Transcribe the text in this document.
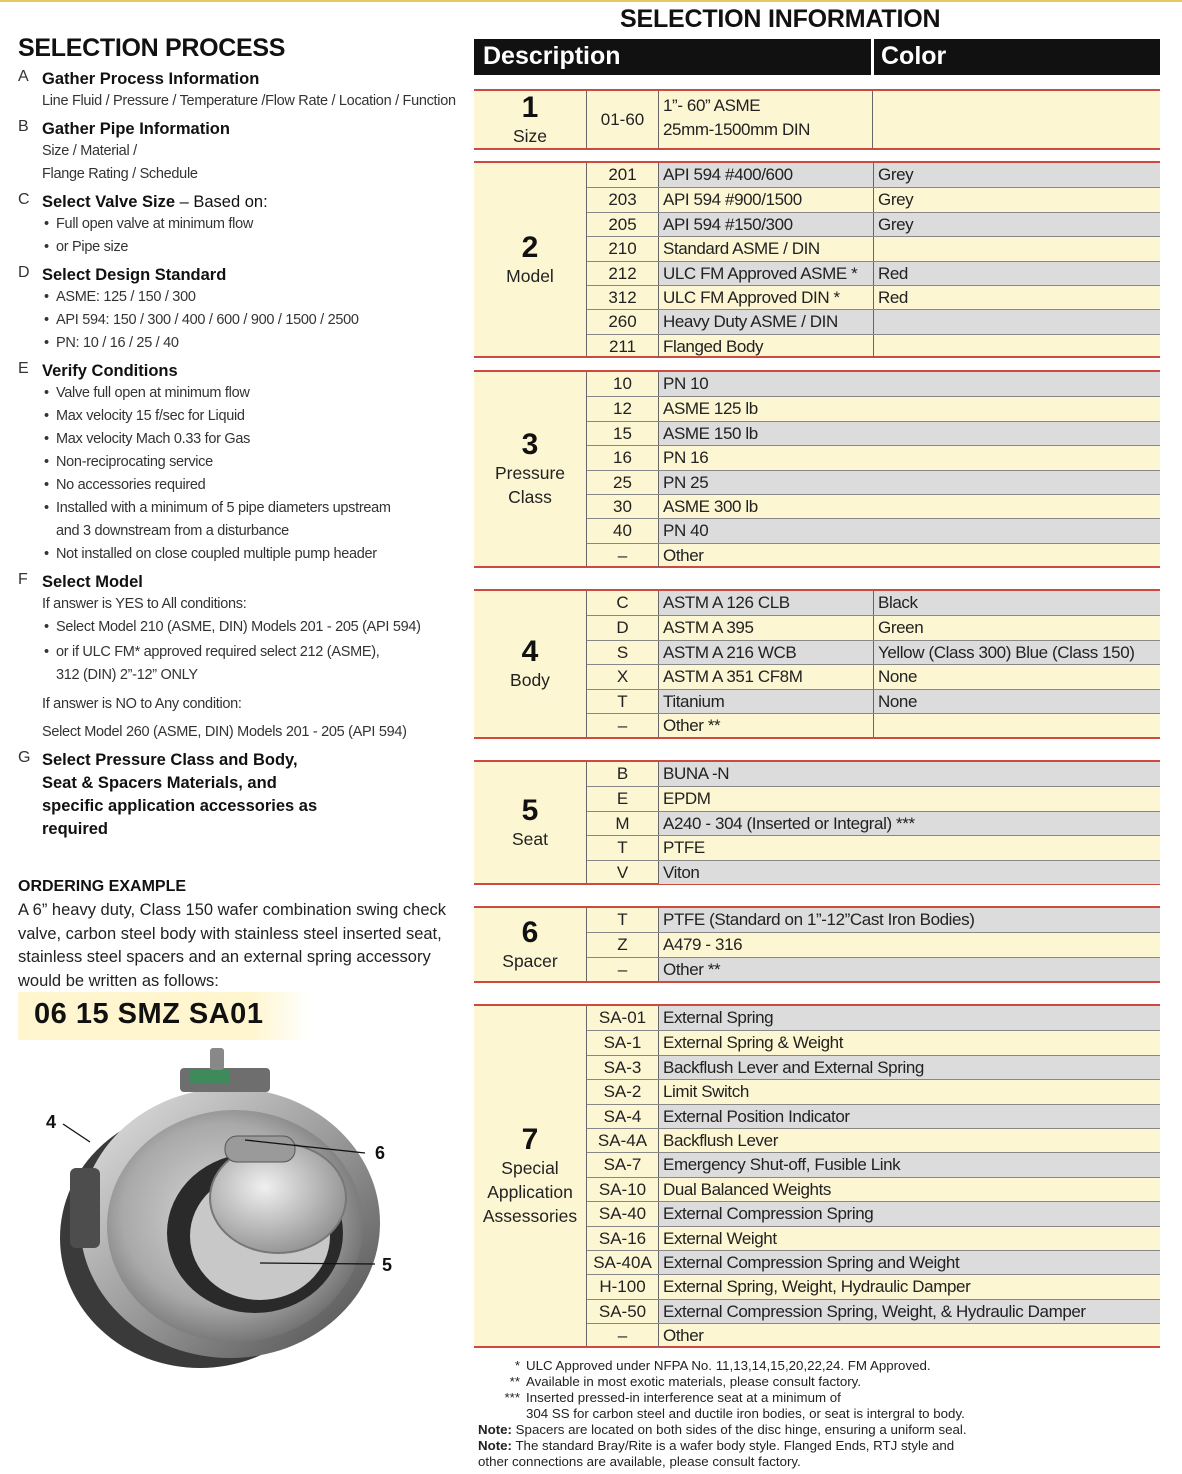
SELECTION PROCESS
A Gather Process Information
Line Fluid / Pressure / Temperature /Flow Rate / Location / Function
B Gather Pipe Information
Size / Material /
Flange Rating / Schedule
C Select Valve Size – Based on:
• Full open valve at minimum flow
• or Pipe size
D Select Design Standard
• ASME: 125 / 150 / 300
• API 594: 150 / 300 / 400 / 600 / 900 / 1500 / 2500
• PN: 10 / 16 / 25 / 40
E Verify Conditions
• Valve full open at minimum flow
• Max velocity 15 f/sec for Liquid
• Max velocity Mach 0.33 for Gas
• Non-reciprocating service
• No accessories required
• Installed with a minimum of 5 pipe diameters upstream
and 3 downstream from a disturbance
• Not installed on close coupled multiple pump header
F Select Model
If answer is YES to All conditions:
• Select Model 210 (ASME, DIN) Models 201 - 205 (API 594)
• or if ULC FM* approved required select 212 (ASME),
312 (DIN) 2”-12” ONLY
If answer is NO to Any condition:
Select Model 260 (ASME, DIN) Models 201 - 205 (API 594)
G Select Pressure Class and Body,
Seat & Spacers Materials, and
specific application accessories as
required
ORDERING EXAMPLE
A 6” heavy duty, Class 150 wafer combination swing check valve, carbon steel body with stainless steel inserted seat, stainless steel spacers and an external spring accessory would be written as follows:
06 15 SMZ SA01
4
6
5
SELECTION INFORMATION
Description	Color
1
Size
01-60
1”- 60” ASME
25mm-1500mm DIN
2
Model
201	API 594 #400/600	Grey
203	API 594 #900/1500	Grey
205	API 594 #150/300	Grey
210	Standard ASME / DIN
212	ULC FM Approved ASME *	Red
312	ULC FM Approved DIN *	Red
260	Heavy Duty ASME / DIN
211	Flanged Body
3
Pressure
Class
10	PN 10
12	ASME 125 lb
15	ASME 150 lb
16	PN 16
25	PN 25
30	ASME 300 lb
40	PN 40
–	Other
4
Body
C	ASTM A 126 CLB	Black
D	ASTM A 395	Green
S	ASTM A 216 WCB	Yellow (Class 300) Blue (Class 150)
X	ASTM A 351 CF8M	None
T	Titanium	None
–	Other **
5
Seat
B	BUNA -N
E	EPDM
M	A240 - 304 (Inserted or Integral) ***
T	PTFE
V	Viton
6
Spacer
T	PTFE (Standard on 1”-12”Cast Iron Bodies)
Z	A479 - 316
–	Other **
7
Special
Application
Assessories
SA-01 External Spring
SA-1	External Spring & Weight
SA-3	Backflush Lever and External Spring
SA-2	Limit Switch
SA-4	External Position Indicator
SA-4A Backflush Lever
SA-7	Emergency Shut-off, Fusible Link
SA-10 Dual Balanced Weights
SA-40 External Compression Spring
SA-16 External Weight
SA-40A External Compression Spring and Weight
H-100	External Spring, Weight, Hydraulic Damper
SA-50 External Compression Spring, Weight, & Hydraulic Damper
–	Other
* ULC Approved under NFPA No. 11,13,14,15,20,22,24. FM Approved.
** Available in most exotic materials, please consult factory.
*** Inserted pressed-in interference seat at a minimum of
304 SS for carbon steel and ductile iron bodies, or seat is intergral to body.
Note: Spacers are located on both sides of the disc hinge, ensuring a uniform seal.
Note: The standard Bray/Rite is a wafer body style. Flanged Ends, RTJ style and
other connections are available, please consult factory.
